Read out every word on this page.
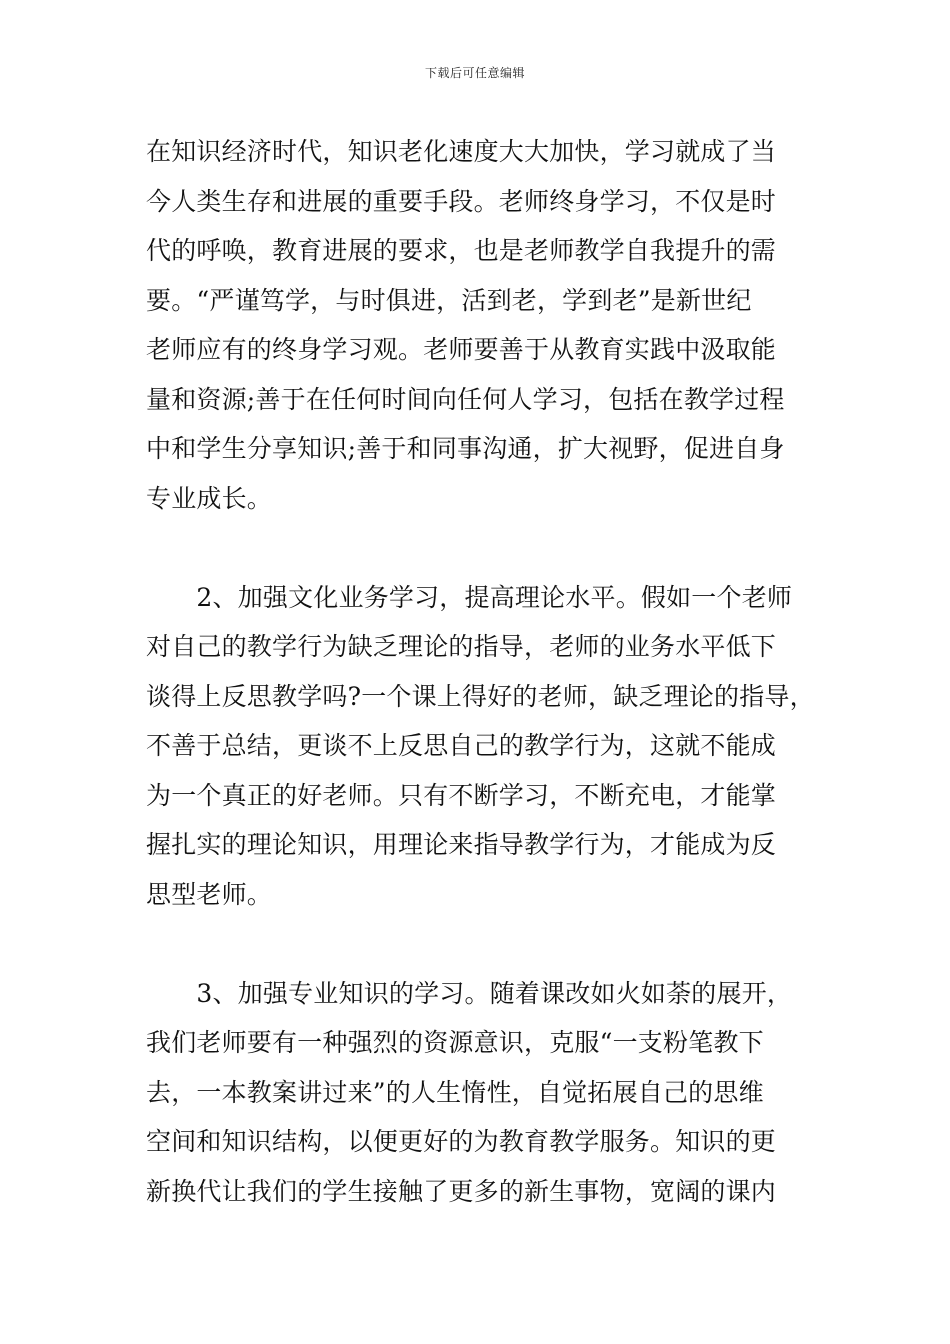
下载后可任意编辑
在知识经济时代，知识老化速度大大加快，学习就成了当
今人类生存和进展的重要手段。老师终身学习，不仅是时
代的呼唤，教育进展的要求，也是老师教学自我提升的需
要。“严谨笃学，与时俱进，活到老，学到老”是新世纪
老师应有的终身学习观。老师要善于从教育实践中汲取能
量和资源;善于在任何时间向任何人学习，包括在教学过程
中和学生分享知识;善于和同事沟通，扩大视野，促进自身
专业成长。
　　2、加强文化业务学习，提高理论水平。假如一个老师
对自己的教学行为缺乏理论的指导，老师的业务水平低下
谈得上反思教学吗?一个课上得好的老师，缺乏理论的指导，
不善于总结，更谈不上反思自己的教学行为，这就不能成
为一个真正的好老师。只有不断学习，不断充电，才能掌
握扎实的理论知识，用理论来指导教学行为，才能成为反
思型老师。
　　3、加强专业知识的学习。随着课改如火如荼的展开，
我们老师要有一种强烈的资源意识，克服“一支粉笔教下
去，一本教案讲过来”的人生惰性，自觉拓展自己的思维
空间和知识结构，以便更好的为教育教学服务。知识的更
新换代让我们的学生接触了更多的新生事物，宽阔的课内
